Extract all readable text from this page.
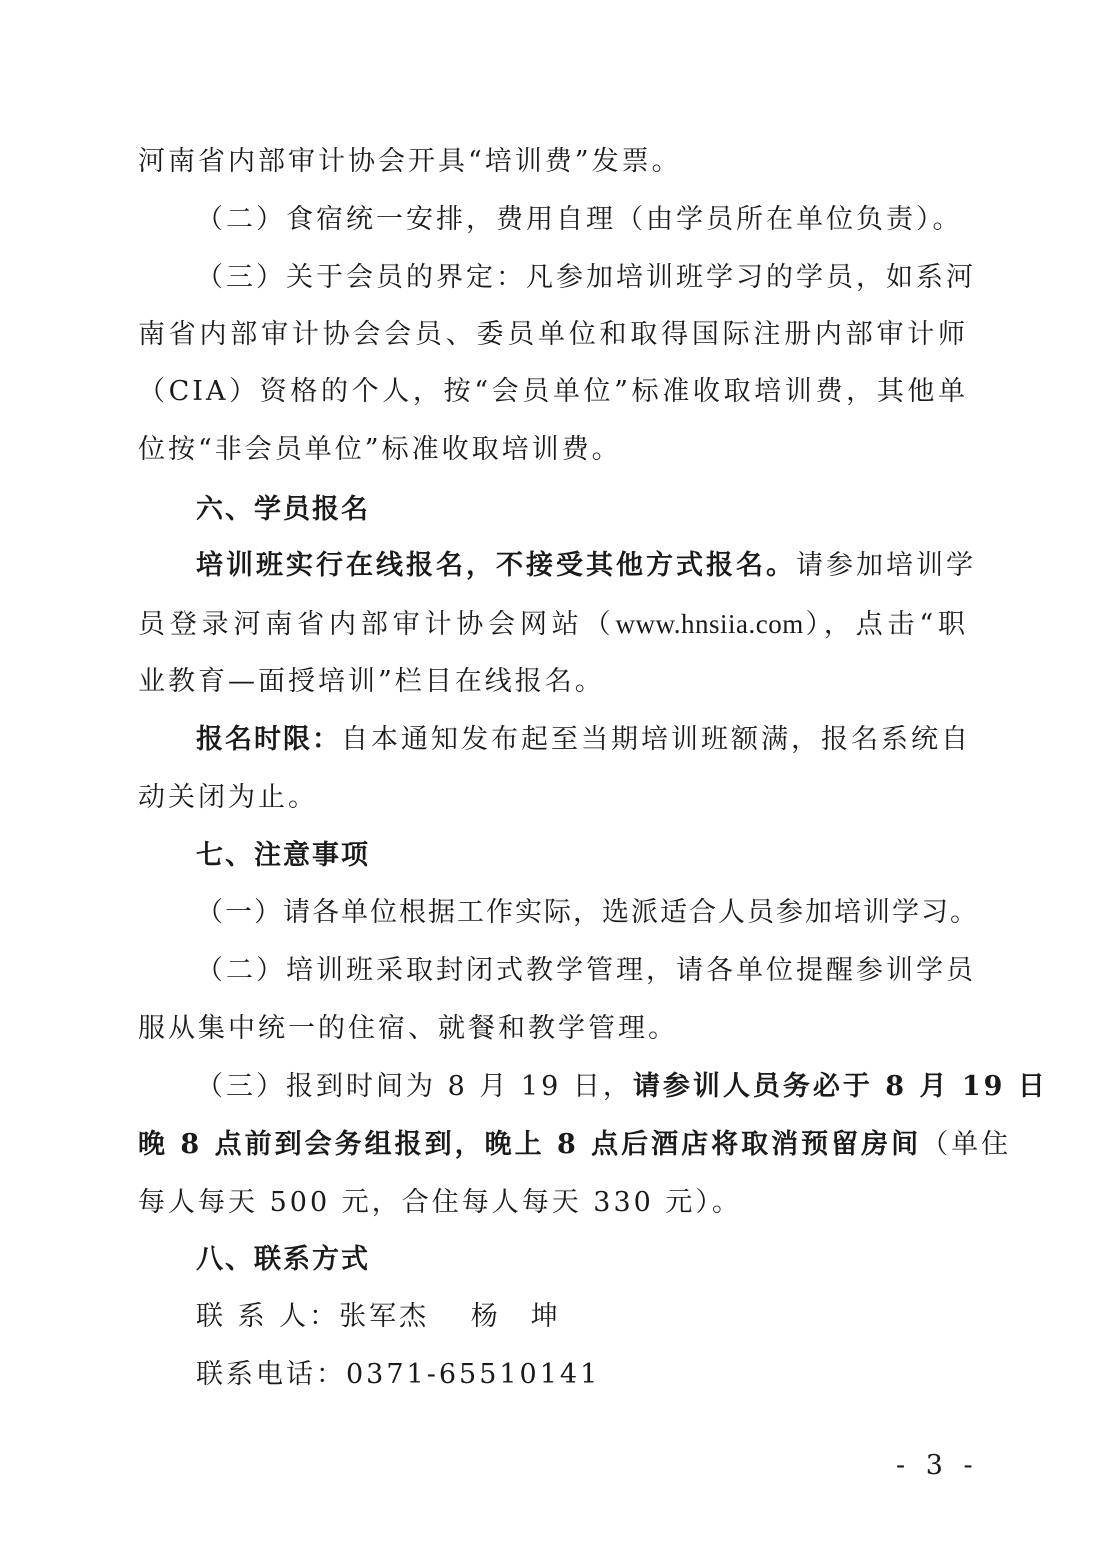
河南省内部审计协会开具“培训费”发票。
（二）食宿统一安排，费用自理（由学员所在单位负责）。
（三）关于会员的界定：凡参加培训班学习的学员，如系河
南省内部审计协会会员、委员单位和取得国际注册内部审计师
（CIA）资格的个人，按“会员单位”标准收取培训费，其他单
位按“非会员单位”标准收取培训费。
六、学员报名
培训班实行在线报名，不接受其他方式报名。请参加培训学
员登录河南省内部审计协会网站（www.hnsiia.com），点击“职
业教育—面授培训”栏目在线报名。
报名时限：自本通知发布起至当期培训班额满，报名系统自
动关闭为止。
七、注意事项
（一）请各单位根据工作实际，选派适合人员参加培训学习。
（二）培训班采取封闭式教学管理，请各单位提醒参训学员
服从集中统一的住宿、就餐和教学管理。
（三）报到时间为 8 月 19 日，请参训人员务必于 8 月 19 日
晚 8 点前到会务组报到，晚上 8 点后酒店将取消预留房间（单住
每人每天 500 元，合住每人每天 330 元）。
八、联系方式
联 系 人：张军杰　 杨　坤
联系电话：0371-65510141
- 3 -
